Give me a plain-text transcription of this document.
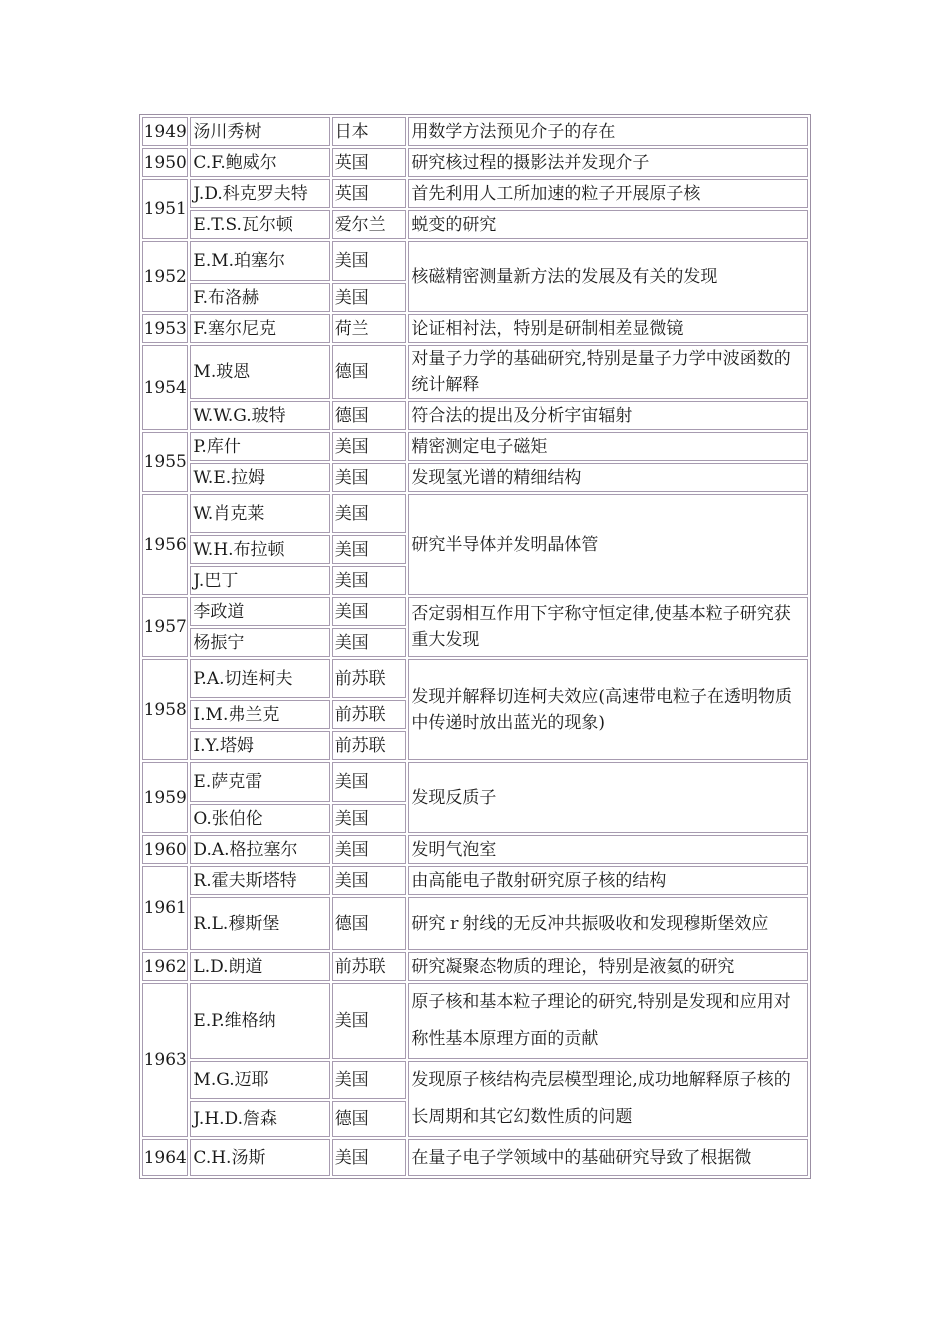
1949	汤川秀树	日本	用数学方法预见介子的存在
1950	C.F.鲍威尔	英国	研究核过程的摄影法并发现介子
1951	J.D.科克罗夫特	英国	首先利用人工所加速的粒子开展原子核
	E.T.S.瓦尔顿	爱尔兰	蜕变的研究
1952	E.M.珀塞尔	美国	核磁精密测量新方法的发展及有关的发现
	F.布洛赫	美国	
1953	F.塞尔尼克	荷兰	论证相衬法，特别是研制相差显微镜
1954	M.玻恩	德国	对量子力学的基础研究,特别是量子力学中波函数的统计解释
	W.W.G.玻特	德国	符合法的提出及分析宇宙辐射
1955	P.库什	美国	精密测定电子磁矩
	W.E.拉姆	美国	发现氢光谱的精细结构
1956	W.肖克莱	美国	研究半导体并发明晶体管
	W.H.布拉顿	美国	
	J.巴丁	美国	
1957	李政道	美国	否定弱相互作用下宇称守恒定律,使基本粒子研究获重大发现
	杨振宁	美国	
1958	P.A.切连柯夫	前苏联	发现并解释切连柯夫效应(高速带电粒子在透明物质中传递时放出蓝光的现象)
	I.M.弗兰克	前苏联	
	I.Y.塔姆	前苏联	
1959	E.萨克雷	美国	发现反质子
	O.张伯伦	美国	
1960	D.A.格拉塞尔	美国	发明气泡室
1961	R.霍夫斯塔特	美国	由高能电子散射研究原子核的结构
	R.L.穆斯堡	德国	研究ｒ射线的无反冲共振吸收和发现穆斯堡效应
1962	L.D.朗道	前苏联	研究凝聚态物质的理论，特别是液氦的研究
1963	E.P.维格纳	美国	原子核和基本粒子理论的研究,特别是发现和应用对称性基本原理方面的贡献
	M.G.迈耶	美国	发现原子核结构壳层模型理论,成功地解释原子核的长周期和其它幻数性质的问题
	J.H.D.詹森	德国	
1964	C.H.汤斯	美国	在量子电子学领域中的基础研究导致了根据微
